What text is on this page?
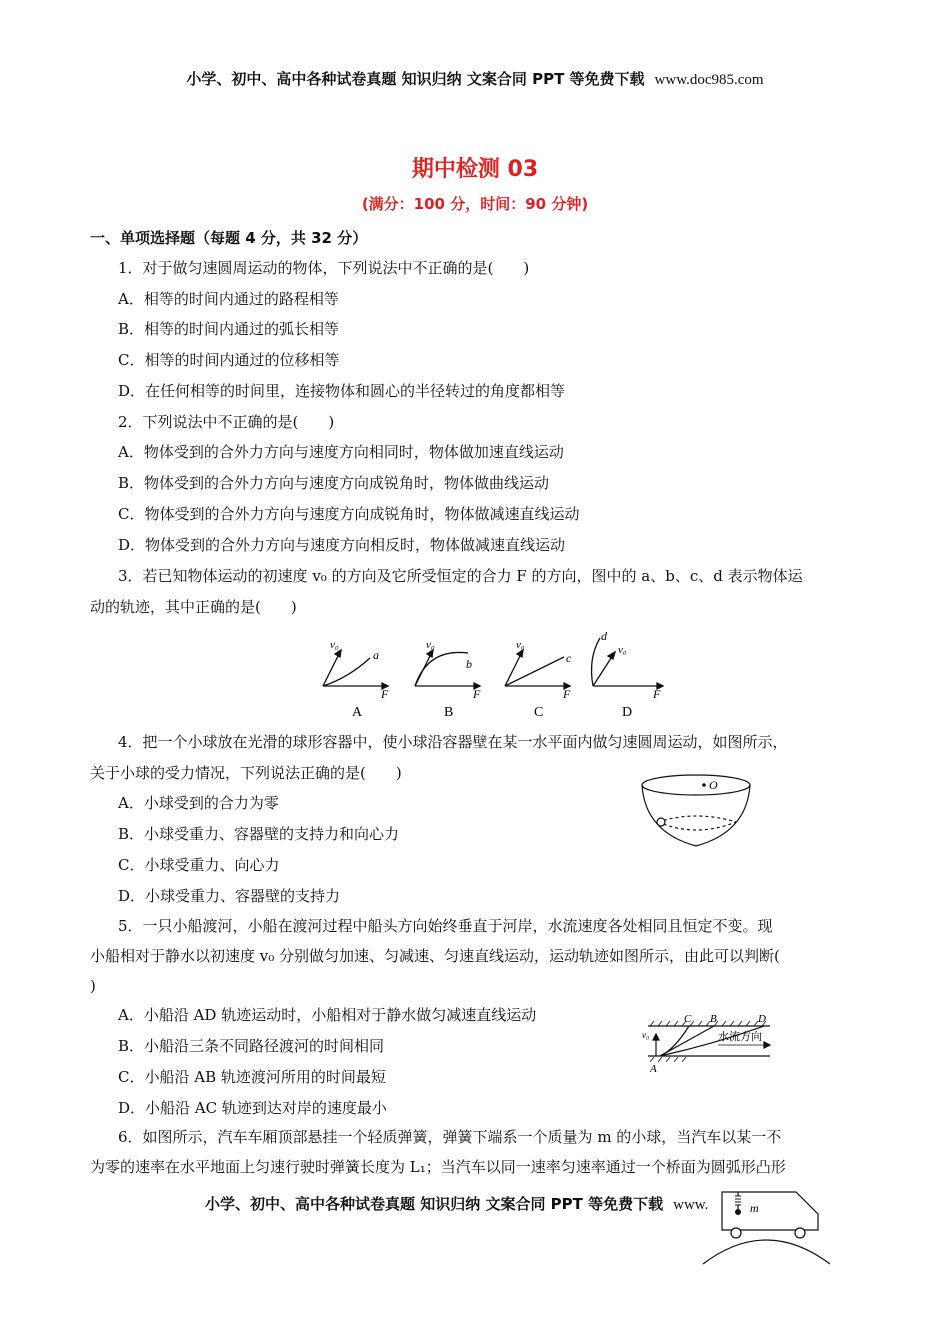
小学、初中、高中各种试卷真题 知识归纳 文案合同 PPT 等免费下载 www.doc985.com
期中检测 03
(满分：100 分，时间：90 分钟)
一、单项选择题（每题 4 分，共 32 分）
1．对于做匀速圆周运动的物体，下列说法中不正确的是(　　)
A．相等的时间内通过的路程相等
B．相等的时间内通过的弧长相等
C．相等的时间内通过的位移相等
D．在任何相等的时间里，连接物体和圆心的半径转过的角度都相等
2．下列说法中不正确的是(　　)
A．物体受到的合外力方向与速度方向相同时，物体做加速直线运动
B．物体受到的合外力方向与速度方向成锐角时，物体做曲线运动
C．物体受到的合外力方向与速度方向成锐角时，物体做减速直线运动
D．物体受到的合外力方向与速度方向相反时，物体做减速直线运动
3．若已知物体运动的初速度 v₀ 的方向及它所受恒定的合力 F 的方向，图中的 a、b、c、d 表示物体运
动的轨迹，其中正确的是(　　)
v₀
a
F
A
v₀
b
F
B
v₀
c
F
C
d
v₀
F
D
4．把一个小球放在光滑的球形容器中，使小球沿容器壁在某一水平面内做匀速圆周运动，如图所示，
关于小球的受力情况，下列说法正确的是(　　)
A．小球受到的合力为零
B．小球受重力、容器壁的支持力和向心力
C．小球受重力、向心力
D．小球受重力、容器壁的支持力
O
5．一只小船渡河，小船在渡河过程中船头方向始终垂直于河岸，水流速度各处相同且恒定不变。现
小船相对于静水以初速度 v₀ 分别做匀加速、匀减速、匀速直线运动，运动轨迹如图所示，由此可以判断(
)
A．小船沿 AD 轨迹运动时，小船相对于静水做匀减速直线运动
B．小船沿三条不同路径渡河的时间相同
C．小船沿 AB 轨迹渡河所用的时间最短
D．小船沿 AC 轨迹到达对岸的速度最小
C B	D
A
v₀	水流方向
6．如图所示，汽车车厢顶部悬挂一个轻质弹簧，弹簧下端系一个质量为 m 的小球，当汽车以某一不
为零的速率在水平地面上匀速行驶时弹簧长度为 L₁；当汽车以同一速率匀速率通过一个桥面为圆弧形凸形
小学、初中、高中各种试卷真题 知识归纳 文案合同 PPT 等免费下载 www.	m
